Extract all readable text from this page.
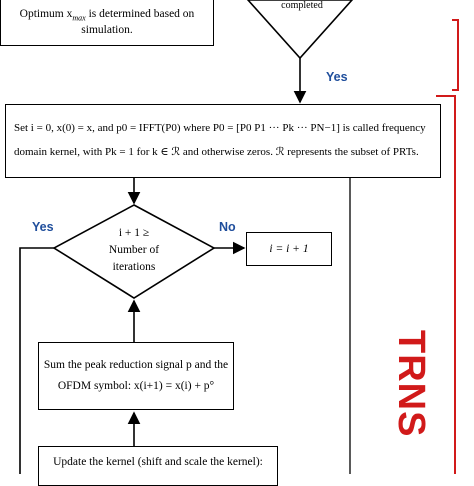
Optimum $x_{max}$ is determined based on
simulation.
completed
Yes
Set i = 0, x(0) = x, and p0 = IFFT(P0) where P0 = [P0 P1 ··· Pk ··· PN−1] is called frequency
domain kernel, with Pk = 1 for k ∈ ℛ and otherwise zeros. ℛ represents the subset of PRTs.
i + 1 ≥
Number of
iterations
Yes	No
i = i + 1
Sum the peak reduction signal p and the
OFDM symbol: x(i+1) = x(i) + p°
Update the kernel (shift and scale the kernel):
TRNS
